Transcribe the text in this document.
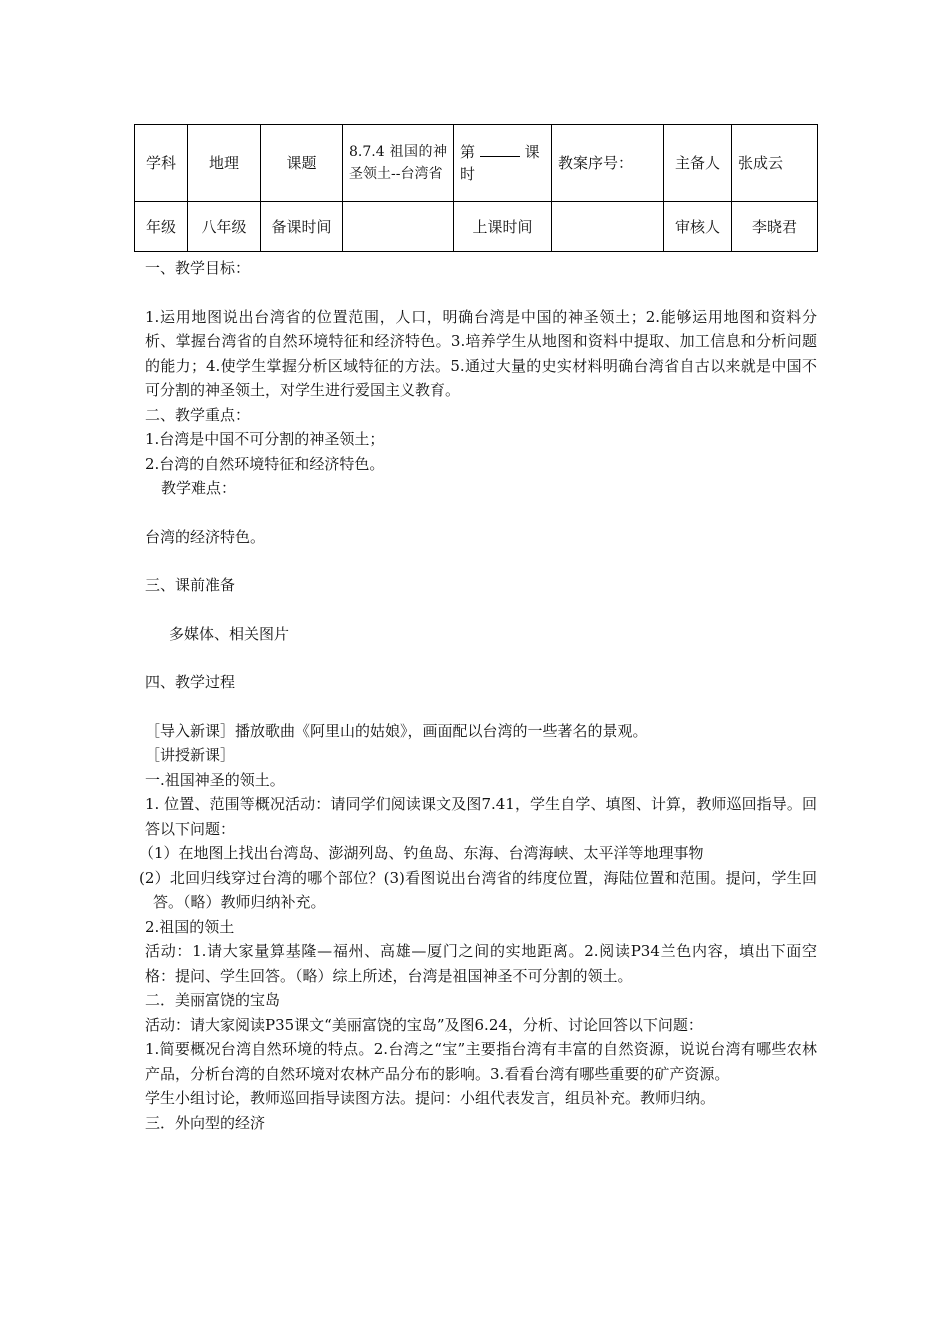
学科	地理	课题	8.7.4 祖国的神圣领土--台湾省	第 课时	教案序号：	主备人	张成云
年级	八年级	备课时间		上课时间		审核人	李晓君

一、教学目标：

1.运用地图说出台湾省的位置范围，人口，明确台湾是中国的神圣领土；2.能够运用地图和资料分析、掌握台湾省的自然环境特征和经济特色。3.培养学生从地图和资料中提取、加工信息和分析问题的能力；4.使学生掌握分析区域特征的方法。5.通过大量的史实材料明确台湾省自古以来就是中国不可分割的神圣领土，对学生进行爱国主义教育。

二、教学重点：

1.台湾是中国不可分割的神圣领土；

2.台湾的自然环境特征和经济特色。

教学难点：

台湾的经济特色。

三、课前准备

多媒体、相关图片

四、教学过程

［导入新课］播放歌曲《阿里山的姑娘》，画面配以台湾的一些著名的景观。

［讲授新课］

一.祖国神圣的领土。

1. 位置、范围等概况活动：请同学们阅读课文及图7.41，学生自学、填图、计算，教师巡回指导。回答以下问题：

（1）在地图上找出台湾岛、澎湖列岛、钓鱼岛、东海、台湾海峡、太平洋等地理事物

(2）北回归线穿过台湾的哪个部位？(3)看图说出台湾省的纬度位置，海陆位置和范围。提问，学生回答。（略）教师归纳补充。

2.祖国的领土

活动：1.请大家量算基隆—福州、高雄—厦门之间的实地距离。2.阅读P34兰色内容，填出下面空格：提问、学生回答。（略）综上所述，台湾是祖国神圣不可分割的领土。

二．美丽富饶的宝岛

活动：请大家阅读P35课文“美丽富饶的宝岛”及图6.24，分析、讨论回答以下问题：

1.简要概况台湾自然环境的特点。2.台湾之“宝”主要指台湾有丰富的自然资源，说说台湾有哪些农林产品，分析台湾的自然环境对农林产品分布的影响。3.看看台湾有哪些重要的矿产资源。

学生小组讨论，教师巡回指导读图方法。提问：小组代表发言，组员补充。教师归纳。

三．外向型的经济
